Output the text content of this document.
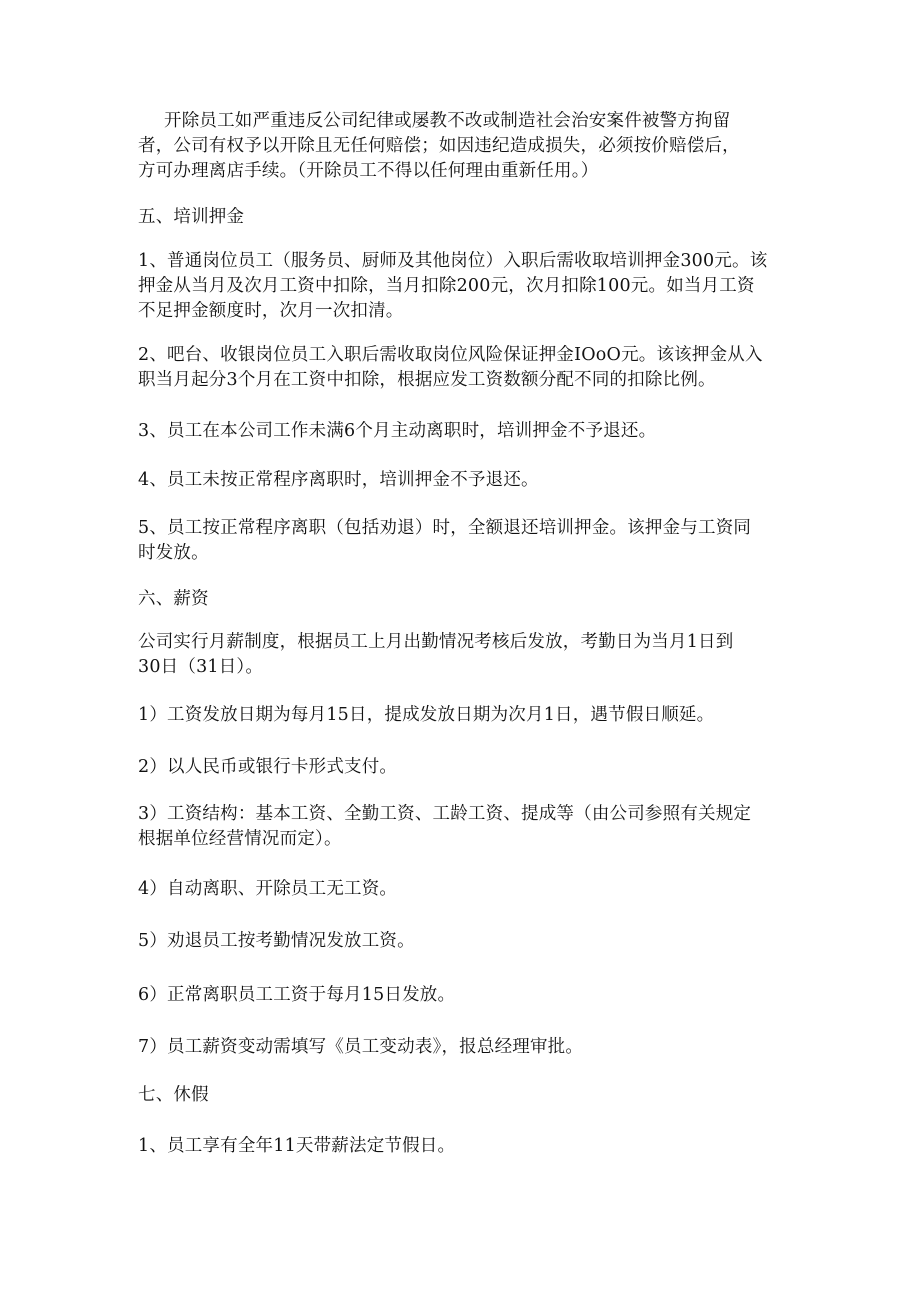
开除员工如严重违反公司纪律或屡教不改或制造社会治安案件被警方拘留
者，公司有权予以开除且无任何赔偿；如因违纪造成损失，必须按价赔偿后，
方可办理离店手续。（开除员工不得以任何理由重新任用。）
五、培训押金
1、普通岗位员工（服务员、厨师及其他岗位）入职后需收取培训押金300元。该
押金从当月及次月工资中扣除，当月扣除200元，次月扣除100元。如当月工资
不足押金额度时，次月一次扣清。
2、吧台、收银岗位员工入职后需收取岗位风险保证押金IOoO元。该该押金从入
职当月起分3个月在工资中扣除，根据应发工资数额分配不同的扣除比例。
3、员工在本公司工作未满6个月主动离职时，培训押金不予退还。
4、员工未按正常程序离职时，培训押金不予退还。
5、员工按正常程序离职（包括劝退）时，全额退还培训押金。该押金与工资同
时发放。
六、薪资
公司实行月薪制度，根据员工上月出勤情况考核后发放，考勤日为当月1日到
30日（31日）。
1）工资发放日期为每月15日，提成发放日期为次月1日，遇节假日顺延。
2）以人民币或银行卡形式支付。
3）工资结构：基本工资、全勤工资、工龄工资、提成等（由公司参照有关规定
根据单位经营情况而定）。
4）自动离职、开除员工无工资。
5）劝退员工按考勤情况发放工资。
6）正常离职员工工资于每月15日发放。
7）员工薪资变动需填写《员工变动表》，报总经理审批。
七、休假
1、员工享有全年11天带薪法定节假日。
